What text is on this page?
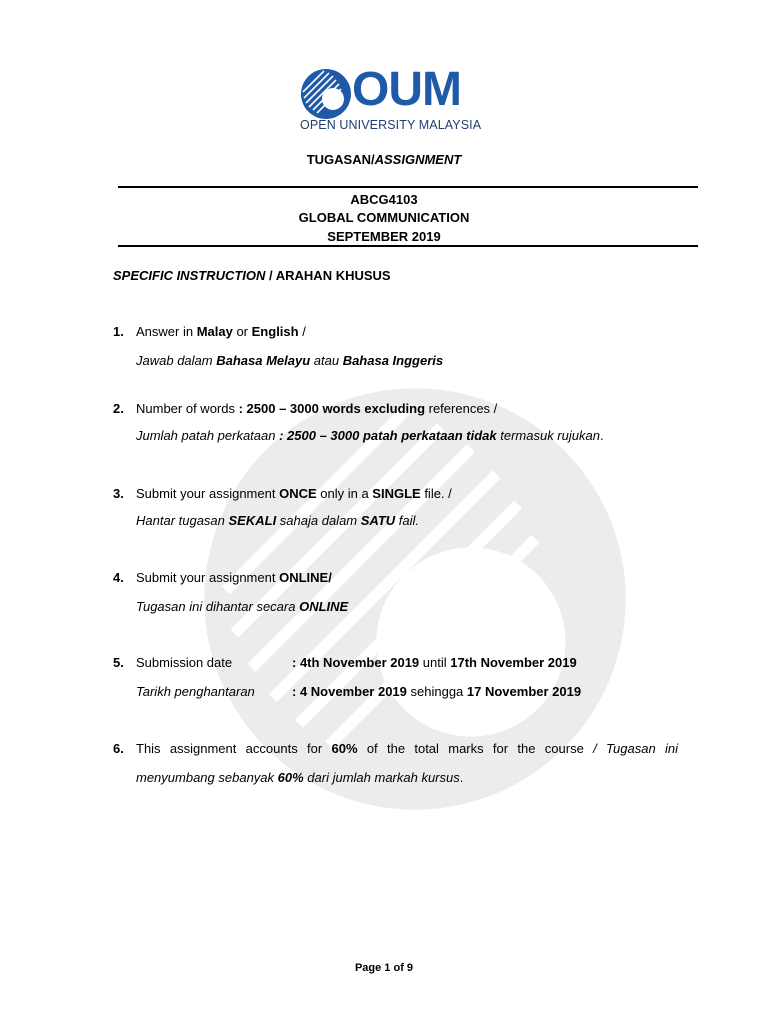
OUM
OPEN UNIVERSITY MALAYSIA
TUGASAN/ASSIGNMENT
ABCG4103
GLOBAL COMMUNICATION
SEPTEMBER 2019
SPECIFIC INSTRUCTION / ARAHAN KHUSUS
1. Answer in Malay or English /
Jawab dalam Bahasa Melayu atau Bahasa Inggeris
2. Number of words : 2500 – 3000 words excluding references /
Jumlah patah perkataan : 2500 – 3000 patah perkataan tidak termasuk rujukan.
3. Submit your assignment ONCE only in a SINGLE file. /
Hantar tugasan SEKALI sahaja dalam SATU fail.
4. Submit your assignment ONLINE/
Tugasan ini dihantar secara ONLINE
5. Submission date	: 4th November 2019 until 17th November 2019
Tarikh penghantaran	: 4 November 2019 sehingga 17 November 2019
6. This assignment accounts for 60% of the total marks for the course / Tugasan ini
menyumbang sebanyak 60% dari jumlah markah kursus.
Page 1 of 9
